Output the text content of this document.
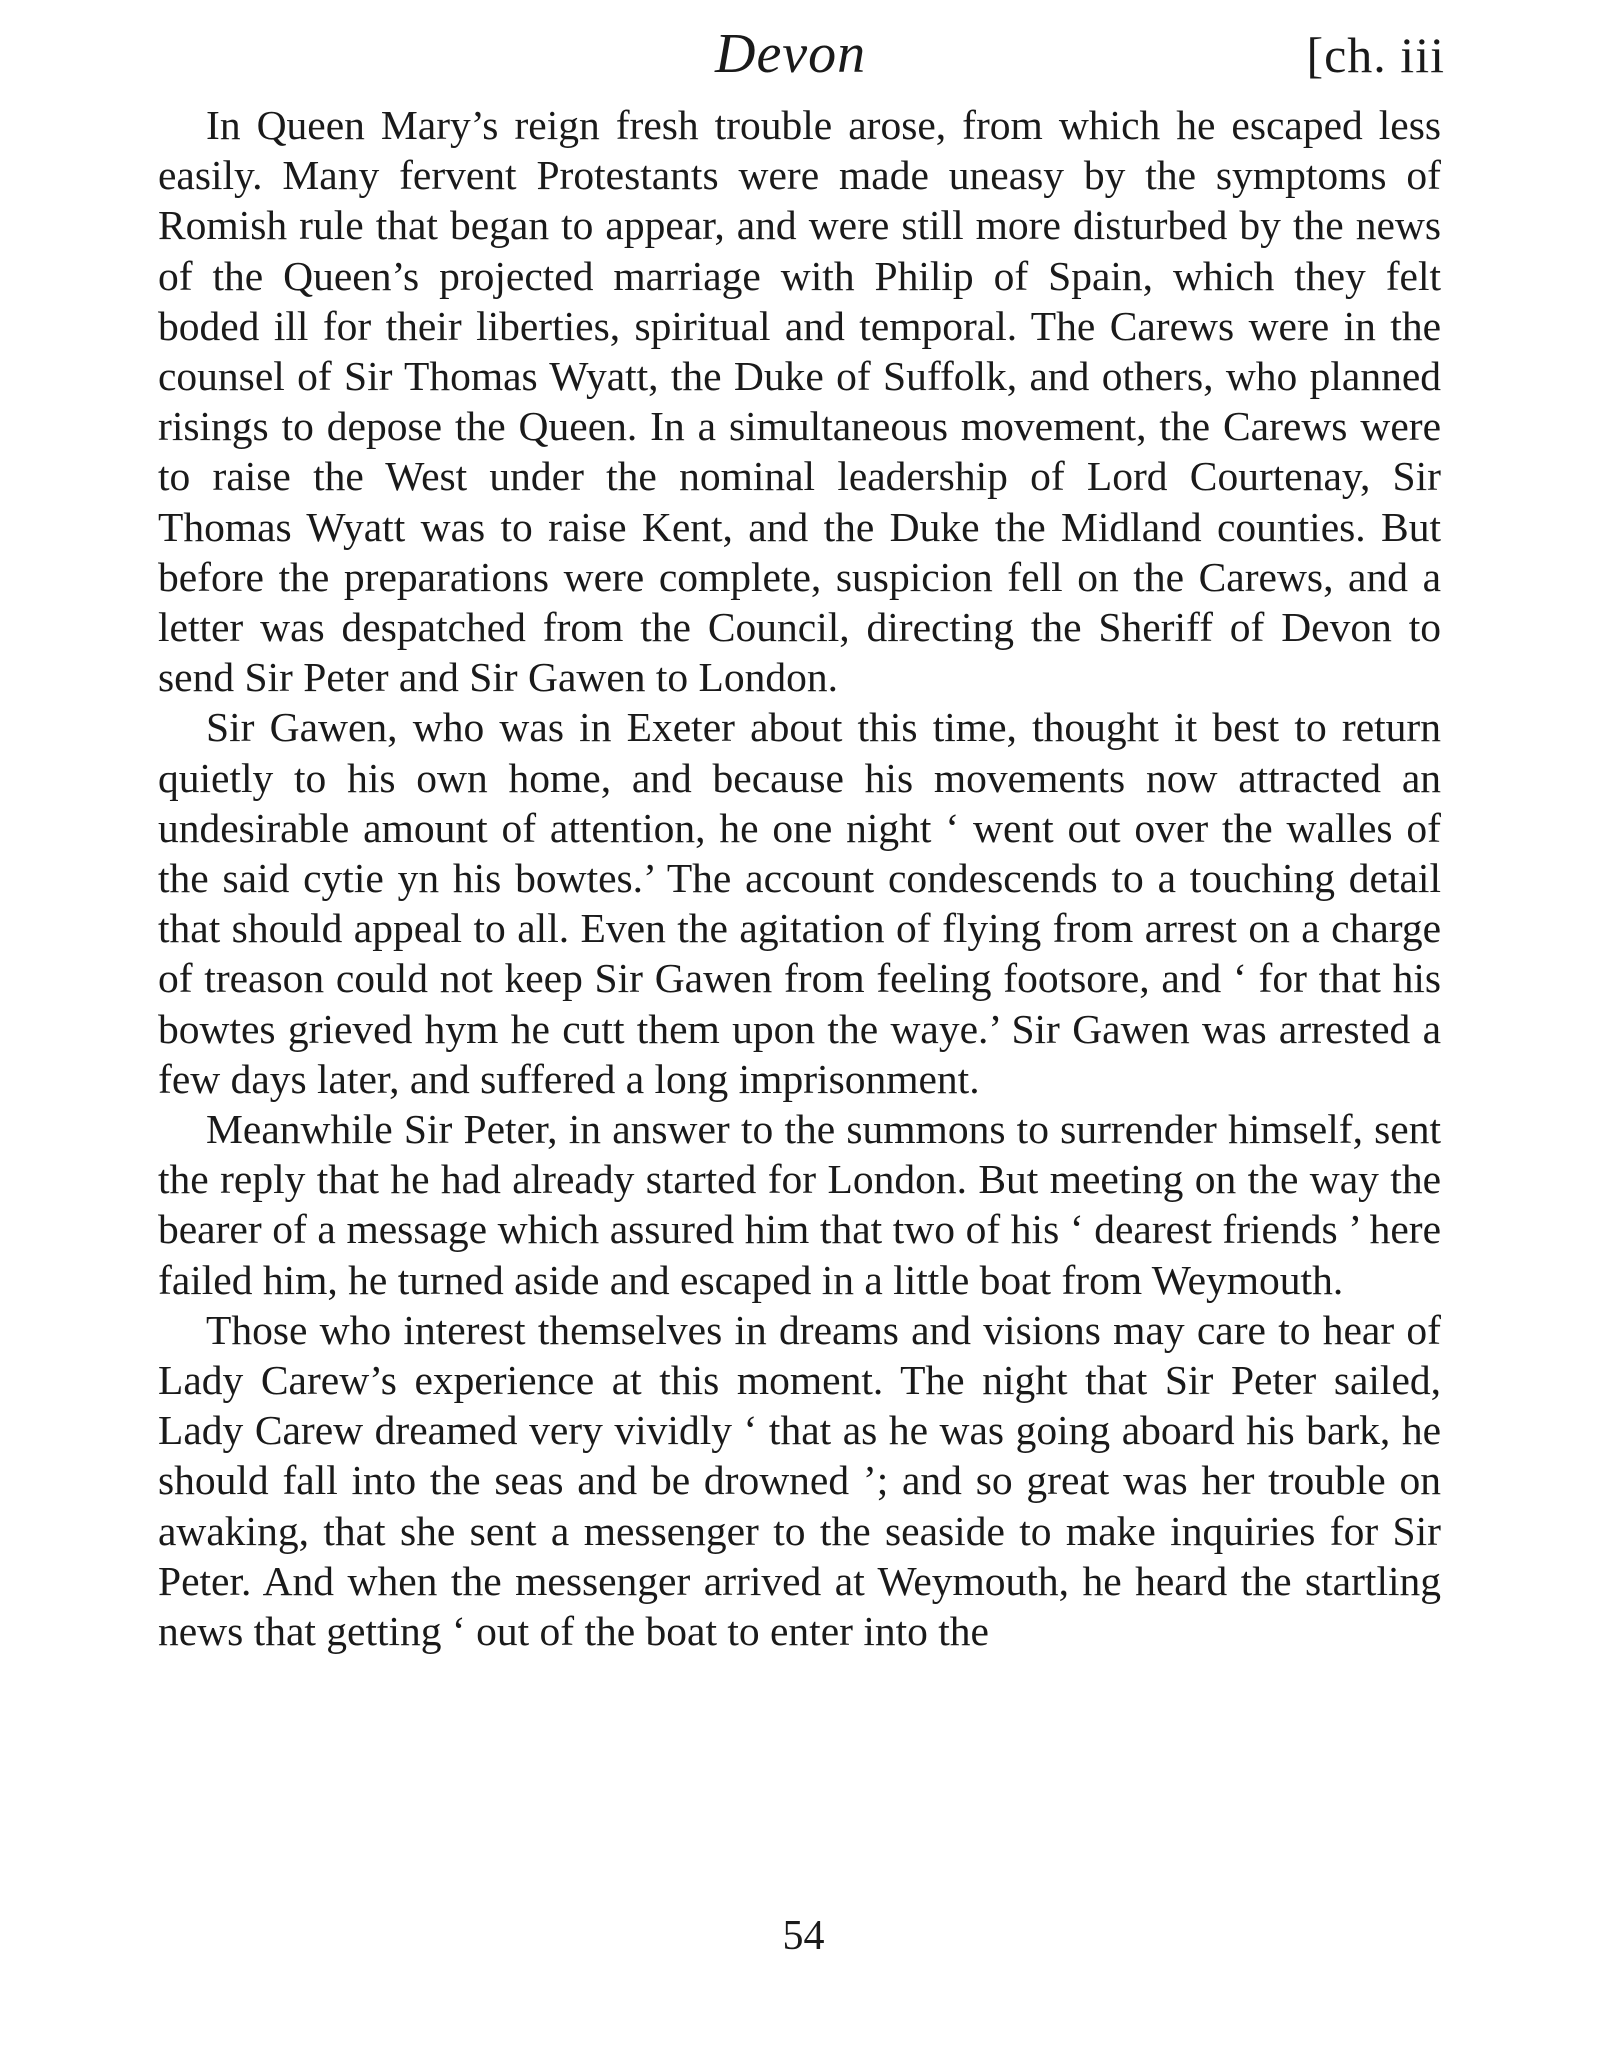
Devon	[ch. iii

In Queen Mary’s reign fresh trouble arose, from which he escaped less easily. Many fervent Protestants were made uneasy by the symptoms of Romish rule that began to appear, and were still more disturbed by the news of the Queen’s projected marriage with Philip of Spain, which they felt boded ill for their liberties, spiritual and temporal. The Carews were in the counsel of Sir Thomas Wyatt, the Duke of Suffolk, and others, who planned risings to depose the Queen. In a simultaneous movement, the Carews were to raise the West under the nominal leadership of Lord Courtenay, Sir Thomas Wyatt was to raise Kent, and the Duke the Midland counties. But before the preparations were complete, suspicion fell on the Carews, and a letter was despatched from the Council, directing the Sheriff of Devon to send Sir Peter and Sir Gawen to London.

Sir Gawen, who was in Exeter about this time, thought it best to return quietly to his own home, and because his movements now attracted an undesirable amount of attention, he one night ‘ went out over the walles of the said cytie yn his bowtes.’ The account condescends to a touching detail that should appeal to all. Even the agitation of flying from arrest on a charge of treason could not keep Sir Gawen from feeling footsore, and ‘ for that his bowtes grieved hym he cutt them upon the waye.’ Sir Gawen was arrested a few days later, and suffered a long imprisonment.

Meanwhile Sir Peter, in answer to the summons to surrender himself, sent the reply that he had already started for London. But meeting on the way the bearer of a message which assured him that two of his ‘ dearest friends ’ here failed him, he turned aside and escaped in a little boat from Weymouth.

Those who interest themselves in dreams and visions may care to hear of Lady Carew’s experience at this moment. The night that Sir Peter sailed, Lady Carew dreamed very vividly ‘ that as he was going aboard his bark, he should fall into the seas and be drowned ’; and so great was her trouble on awaking, that she sent a messenger to the seaside to make inquiries for Sir Peter. And when the messenger arrived at Weymouth, he heard the startling news that getting ‘ out of the boat to enter into the

54
